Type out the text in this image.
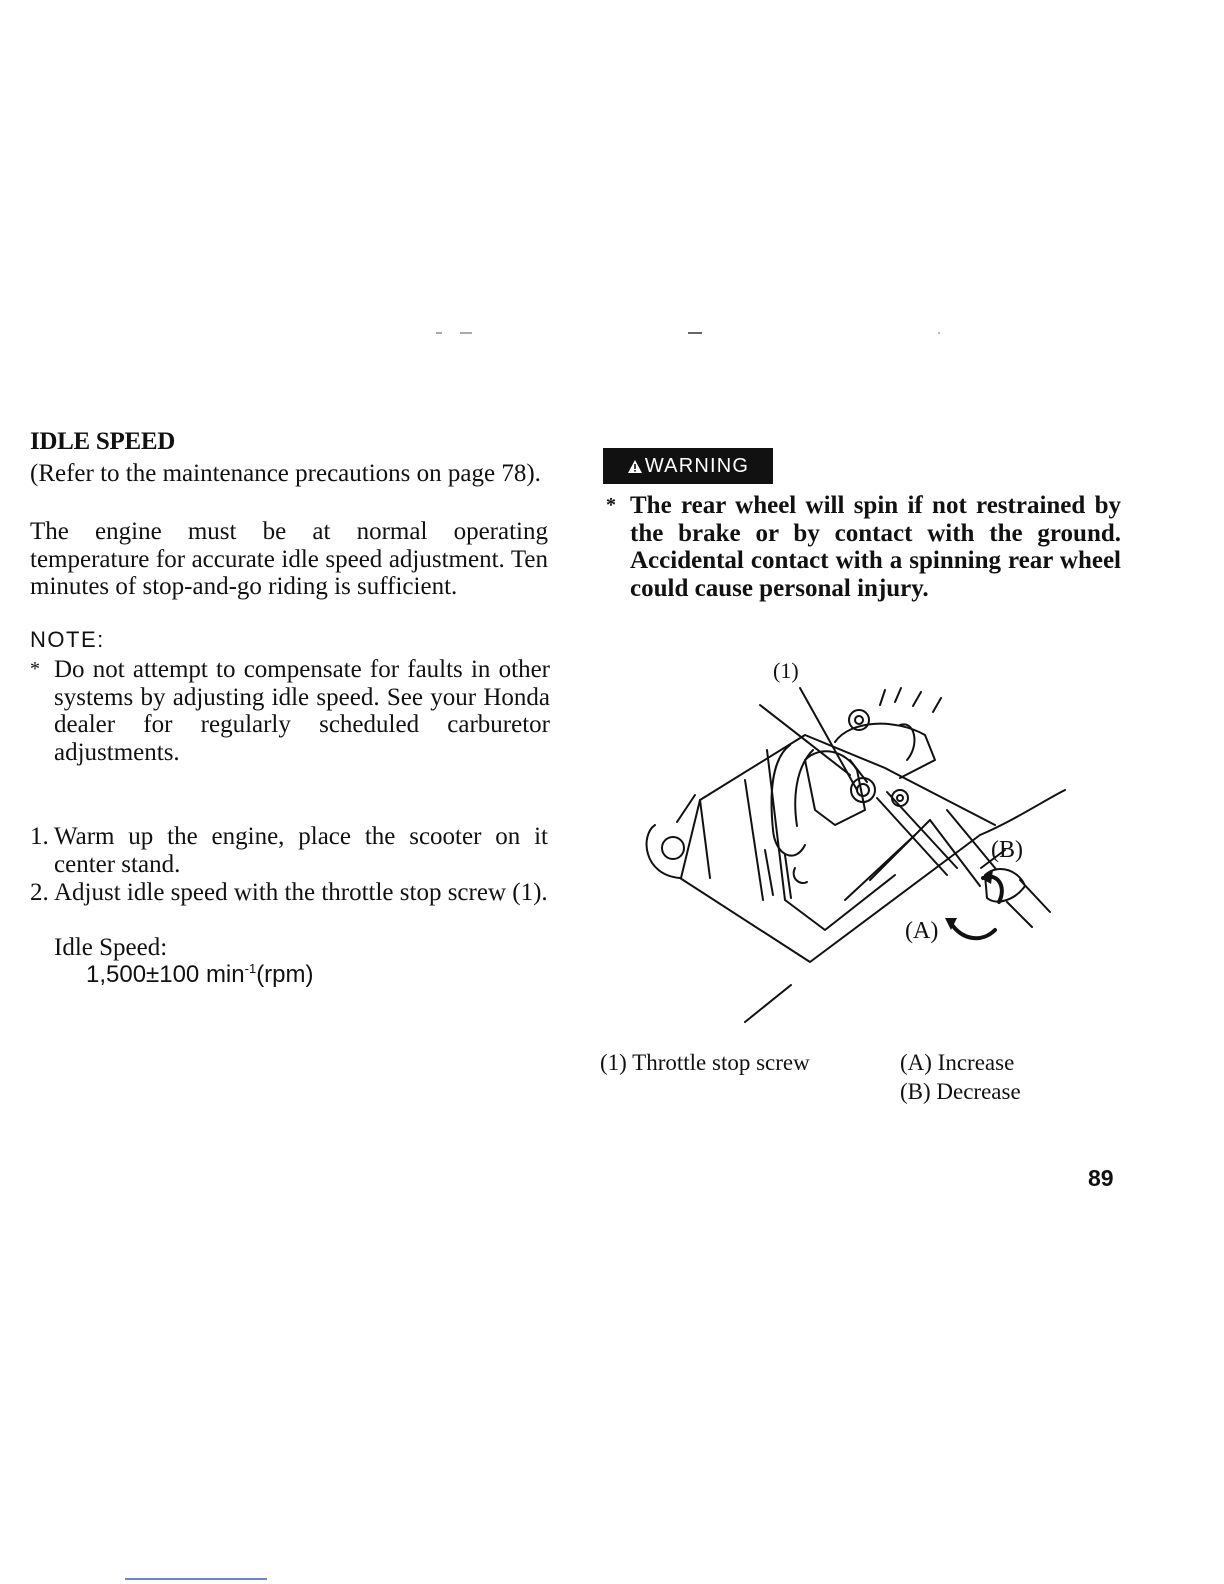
IDLE SPEED
(Refer to the maintenance precautions on page 78).
The engine must be at normal operating temperature for accurate idle speed adjustment. Ten minutes of stop-and-go riding is sufficient.
NOTE:
* Do not attempt to compensate for faults in other systems by adjusting idle speed. See your Honda dealer for regularly scheduled carburetor adjustments.
1. Warm up the engine, place the scooter on it center stand.
2. Adjust idle speed with the throttle stop screw (1).
Idle Speed:
1,500±100 $\min^{-1}(rpm)$
WARNING
* The rear wheel will spin if not restrained by the brake or by contact with the ground. Accidental contact with a spinning rear wheel could cause personal injury.
(1)
(B)
(A)
(1) Throttle stop screw	(A) Increase
(B) Decrease
89
